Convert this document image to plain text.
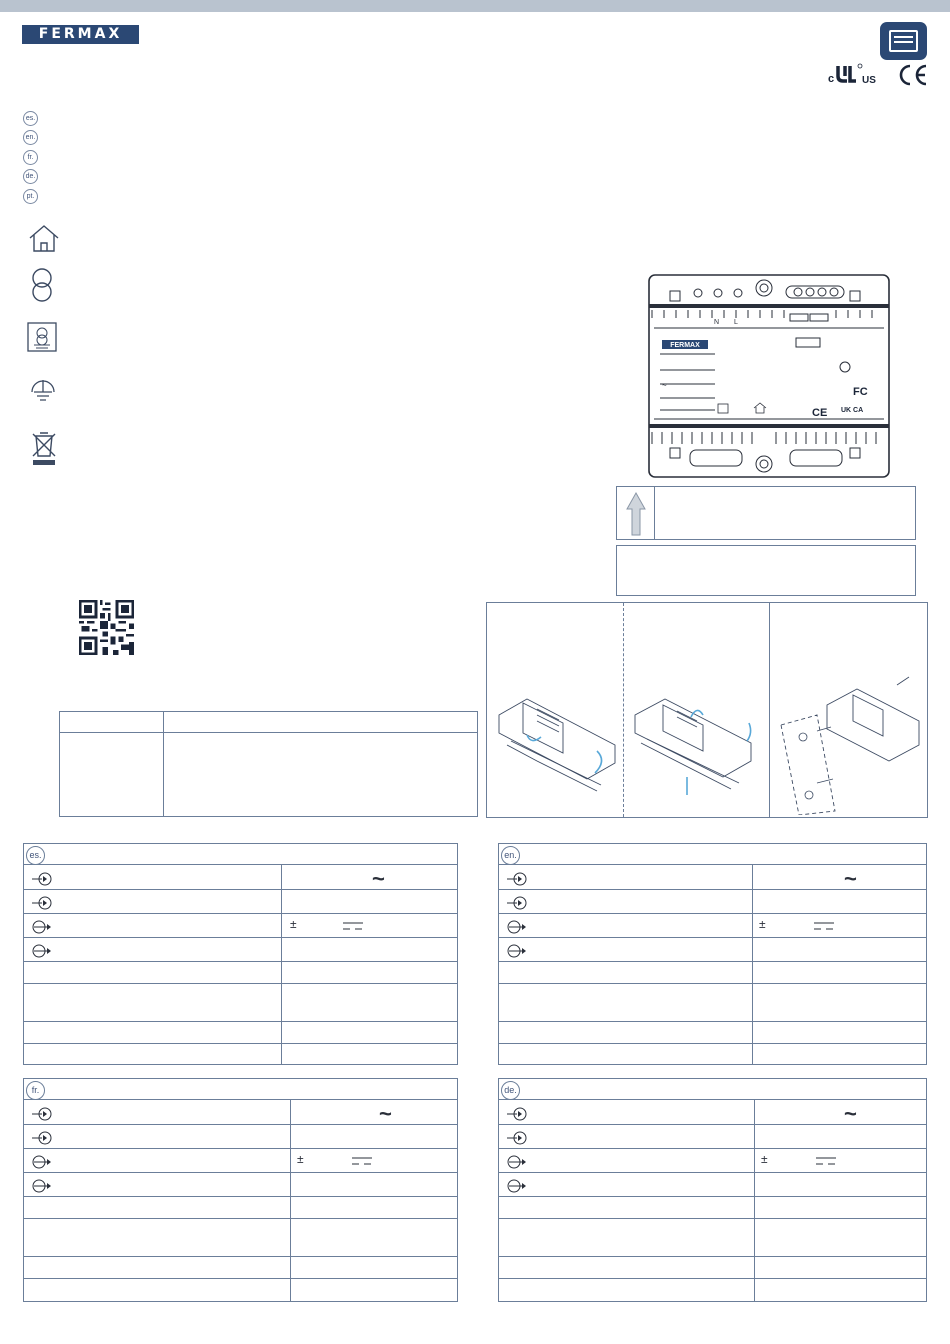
FERMAX
c	US
es.
en.
fr.
de.
pt.
FERMAX
N L
~
CE UK CA
FC
es.
~
±
en.
~
±
fr.
~
±
de.
~
±
